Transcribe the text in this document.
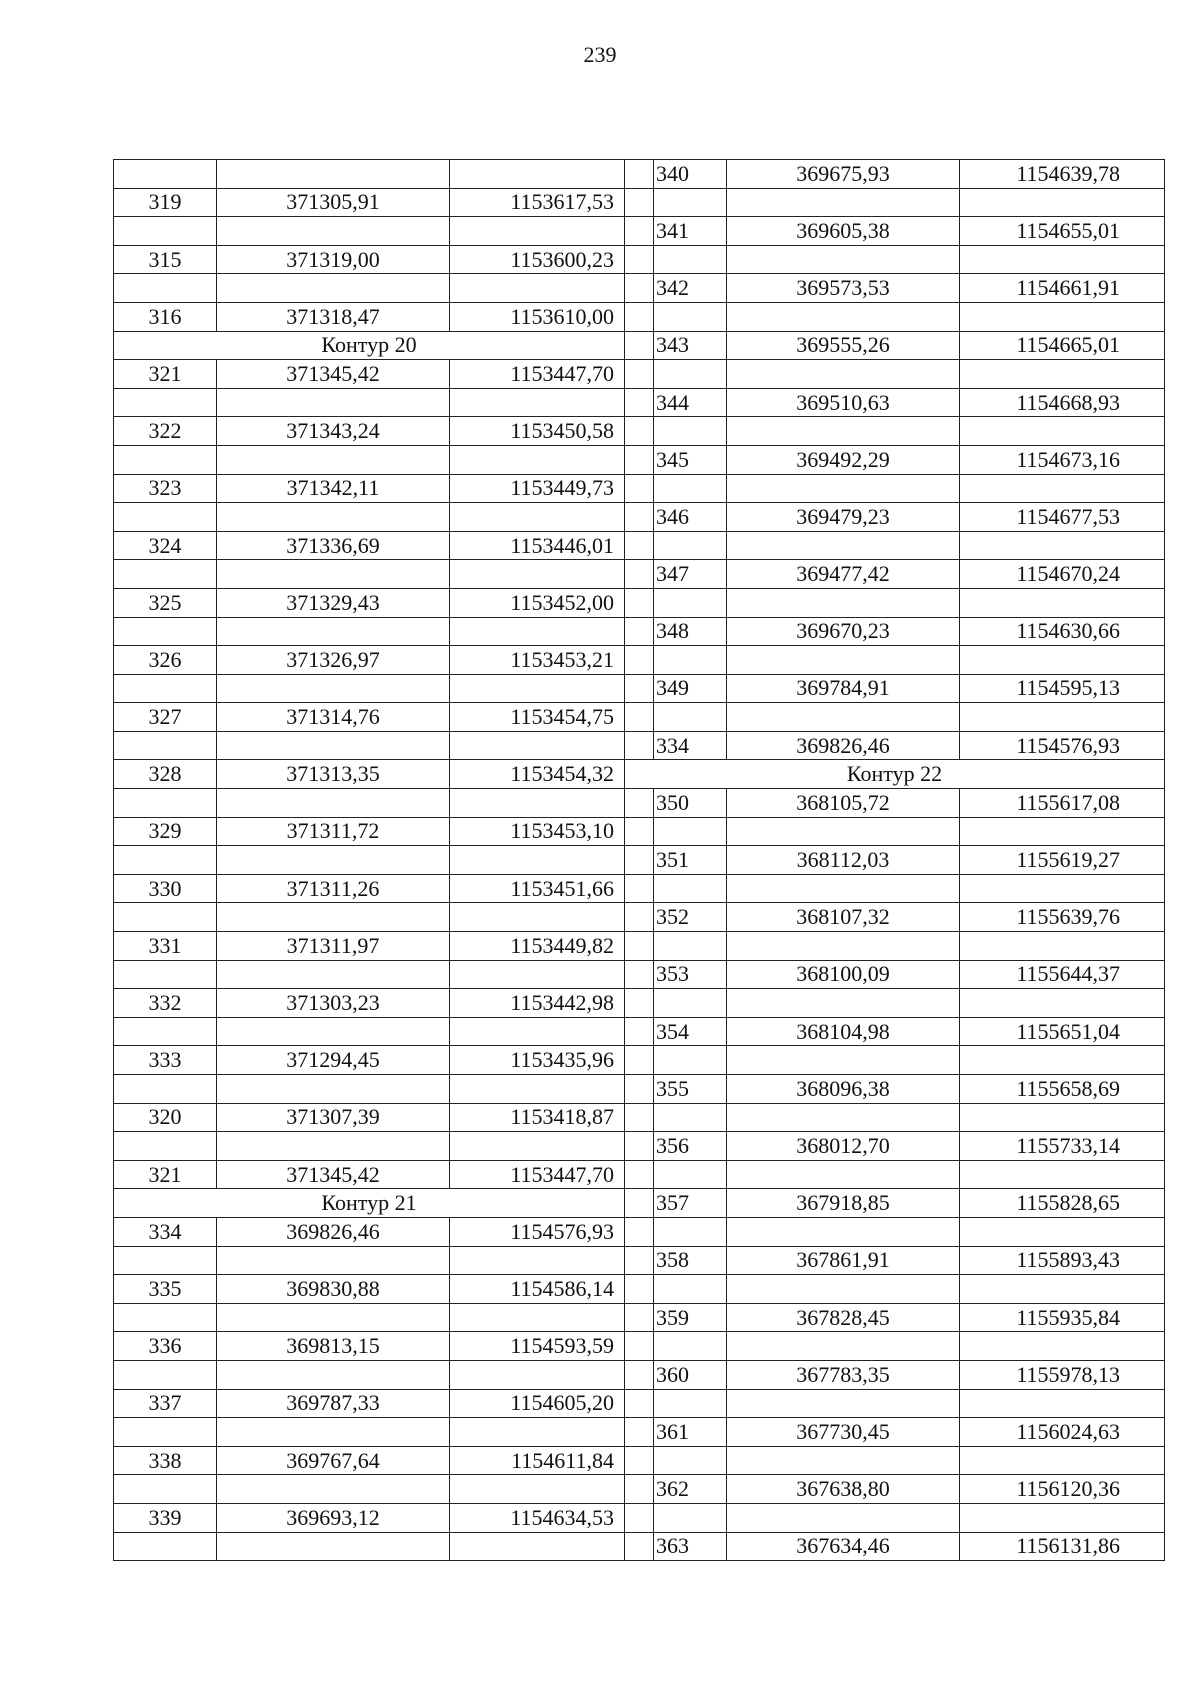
239
				340	369675,93	1154639,78
319	371305,91	1153617,53				
				341	369605,38	1154655,01
315	371319,00	1153600,23				
				342	369573,53	1154661,91
316	371318,47	1153610,00				
Контур 20				343	369555,26	1154665,01
321	371345,42	1153447,70				
				344	369510,63	1154668,93
322	371343,24	1153450,58				
				345	369492,29	1154673,16
323	371342,11	1153449,73				
				346	369479,23	1154677,53
324	371336,69	1153446,01				
				347	369477,42	1154670,24
325	371329,43	1153452,00				
				348	369670,23	1154630,66
326	371326,97	1153453,21				
				349	369784,91	1154595,13
327	371314,76	1153454,75				
				334	369826,46	1154576,93
328	371313,35	1153454,32	Контур 22			
				350	368105,72	1155617,08
329	371311,72	1153453,10				
				351	368112,03	1155619,27
330	371311,26	1153451,66				
				352	368107,32	1155639,76
331	371311,97	1153449,82				
				353	368100,09	1155644,37
332	371303,23	1153442,98				
				354	368104,98	1155651,04
333	371294,45	1153435,96				
				355	368096,38	1155658,69
320	371307,39	1153418,87				
				356	368012,70	1155733,14
321	371345,42	1153447,70				
Контур 21				357	367918,85	1155828,65
334	369826,46	1154576,93				
				358	367861,91	1155893,43
335	369830,88	1154586,14				
				359	367828,45	1155935,84
336	369813,15	1154593,59				
				360	367783,35	1155978,13
337	369787,33	1154605,20				
				361	367730,45	1156024,63
338	369767,64	1154611,84				
				362	367638,80	1156120,36
339	369693,12	1154634,53				
				363	367634,46	1156131,86
